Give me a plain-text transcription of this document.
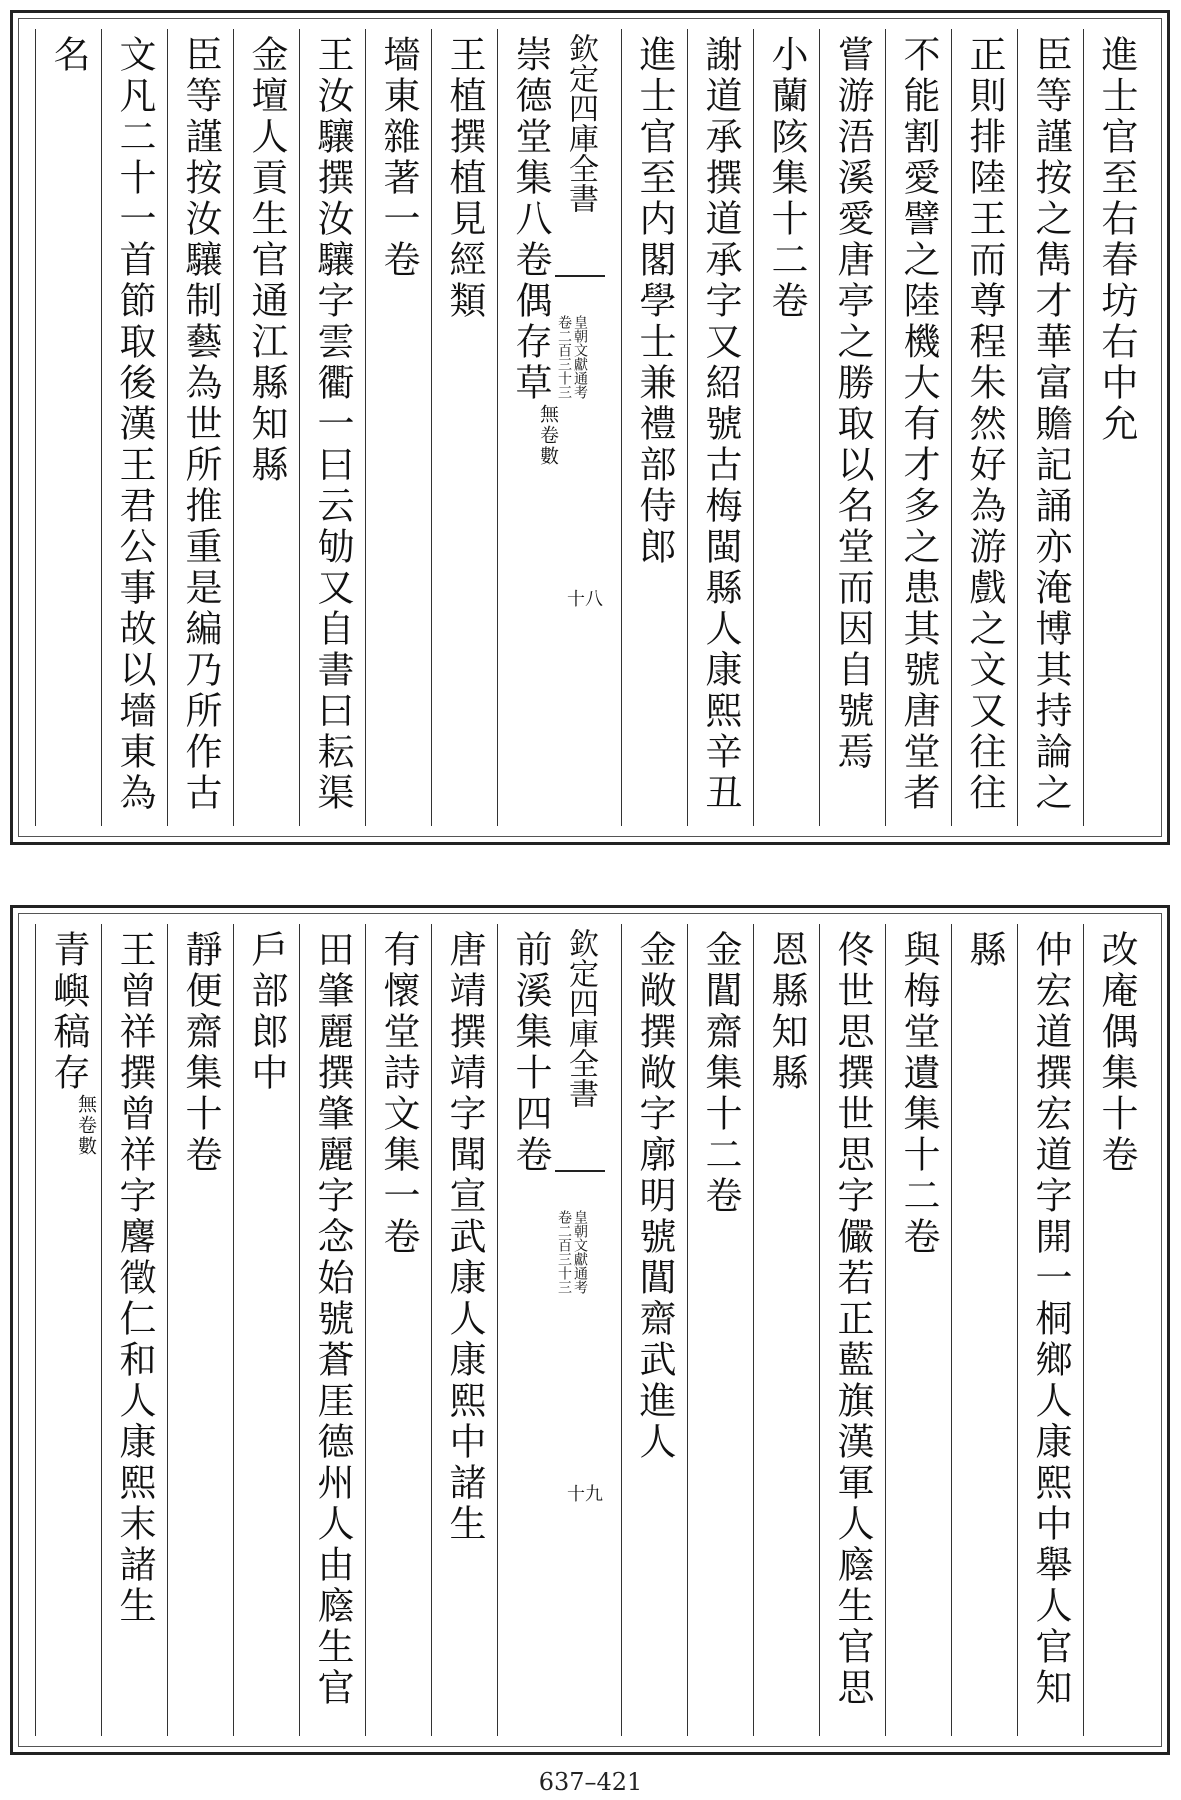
進士官至右春坊右中允
臣等謹按之雋才華富贍記誦亦淹博其持論之
正則排陸王而尊程朱然好為游戲之文又往往
不能割愛譬之陸機大有才多之患其號唐堂者
嘗游浯溪愛唐亭之勝取以名堂而因自號焉
小蘭陔集十二卷
謝道承撰道承字又紹號古梅閩縣人康熙辛丑
進士官至内閣學士兼禮部侍郎
欽定四庫全書
皇朝文獻通考
卷二百三十三
十八
崇德堂集八卷偶存草無卷數
王植撰植見經類
墻東雜著一卷
王汝驤撰汝驤字雲衢一曰云劬又自書曰耘渠
金壇人貢生官通江縣知縣
臣等謹按汝驤制藝為世所推重是編乃所作古
文凡二十一首節取後漢王君公事故以墻東為
名
改庵偶集十卷
仲宏道撰宏道字開一桐鄉人康熙中舉人官知
縣
與梅堂遺集十二卷
佟世思撰世思字儼若正藍旗漢軍人廕生官思
恩縣知縣
金閶齋集十二卷
金敞撰敞字廓明號閶齋武進人
欽定四庫全書
皇朝文獻通考
卷二百三十三
十九
前溪集十四卷
唐靖撰靖字聞宣武康人康熙中諸生
有懷堂詩文集一卷
田肇麗撰肇麗字念始號蒼厓德州人由廕生官
戶部郎中
靜便齋集十卷
王曾祥撰曾祥字麐徵仁和人康熙末諸生
青嶼稿存無卷數
637–421
